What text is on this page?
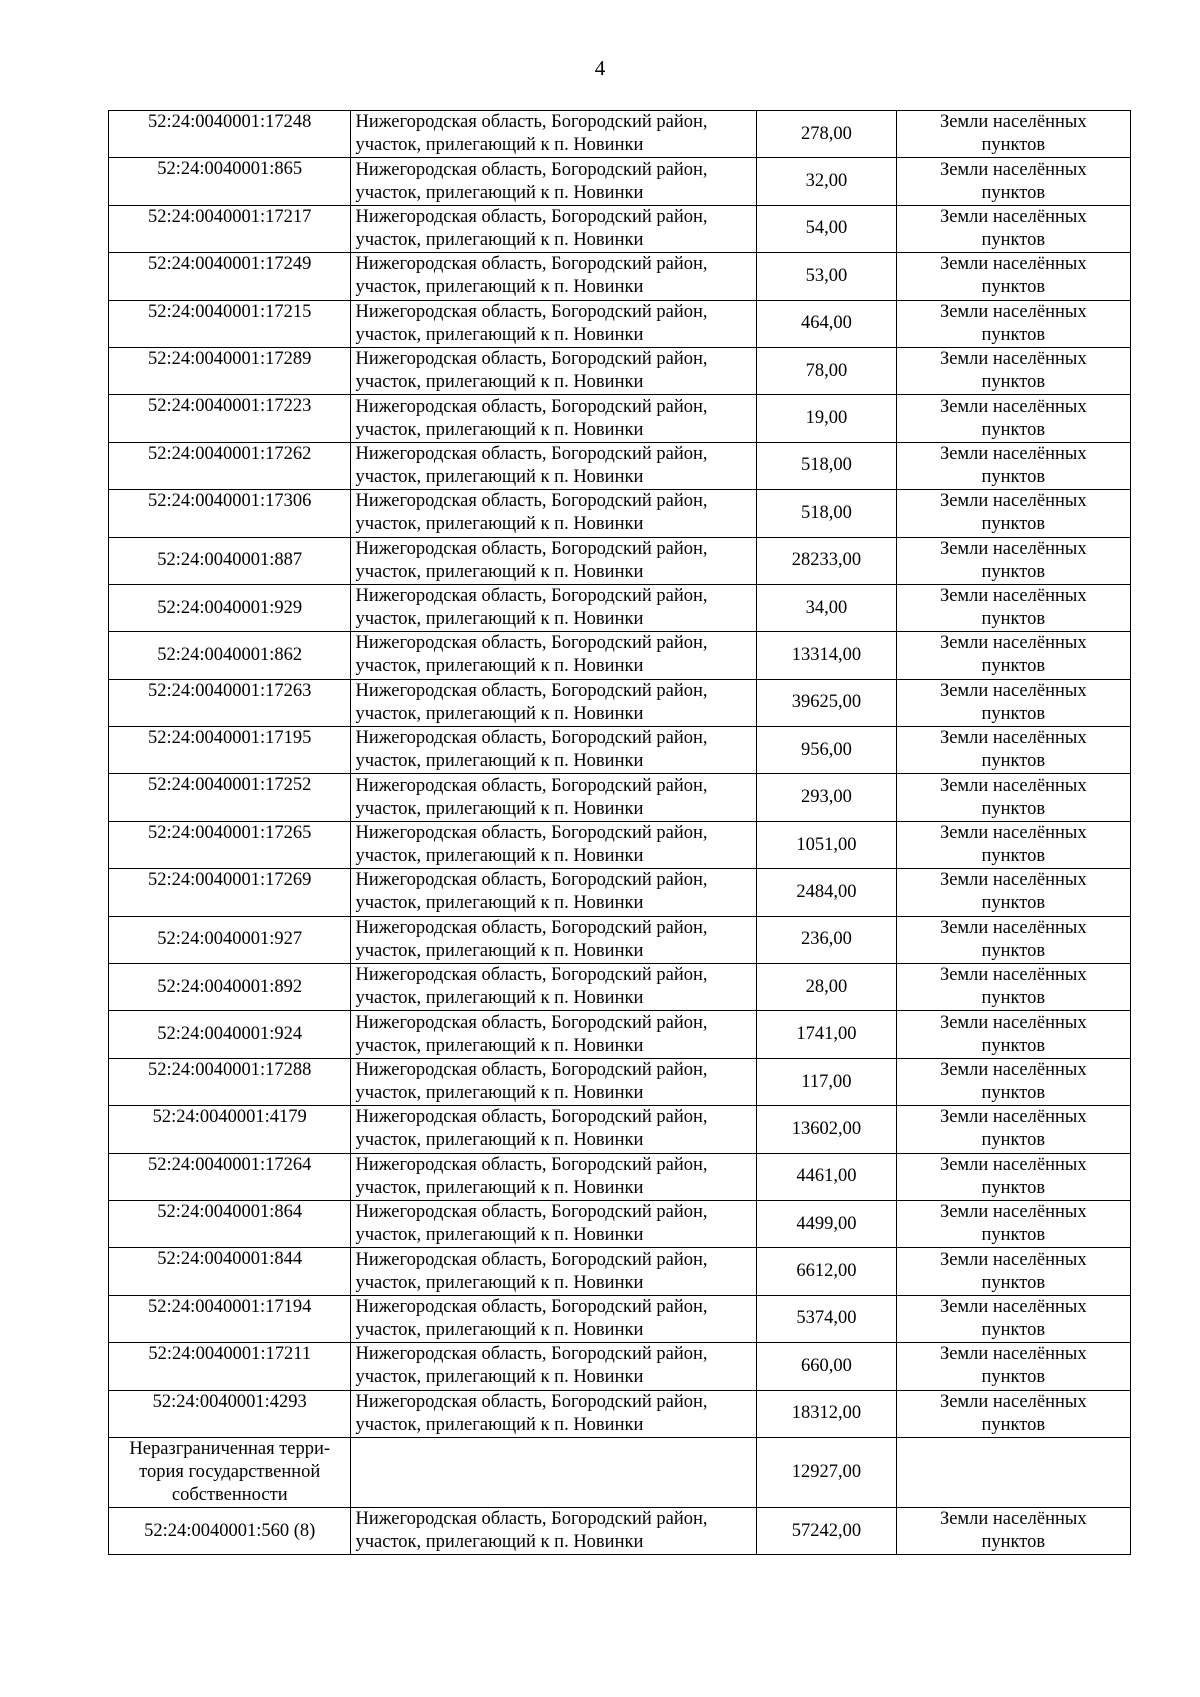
4
52:24:0040001:17248	Нижегородская область, Богородский район,
участок, прилегающий к п. Новинки	278,00	Земли населённых
пунктов

52:24:0040001:865	Нижегородская область, Богородский район,
участок, прилегающий к п. Новинки	32,00	Земли населённых
пунктов

52:24:0040001:17217	Нижегородская область, Богородский район,
участок, прилегающий к п. Новинки	54,00	Земли населённых
пунктов

52:24:0040001:17249	Нижегородская область, Богородский район,
участок, прилегающий к п. Новинки	53,00	Земли населённых
пунктов

52:24:0040001:17215	Нижегородская область, Богородский район,
участок, прилегающий к п. Новинки	464,00	Земли населённых
пунктов

52:24:0040001:17289	Нижегородская область, Богородский район,
участок, прилегающий к п. Новинки	78,00	Земли населённых
пунктов

52:24:0040001:17223	Нижегородская область, Богородский район,
участок, прилегающий к п. Новинки	19,00	Земли населённых
пунктов

52:24:0040001:17262	Нижегородская область, Богородский район,
участок, прилегающий к п. Новинки	518,00	Земли населённых
пунктов

52:24:0040001:17306	Нижегородская область, Богородский район,
участок, прилегающий к п. Новинки	518,00	Земли населённых
пунктов

52:24:0040001:887	Нижегородская область, Богородский район,
участок, прилегающий к п. Новинки	28233,00	Земли населённых
пунктов

52:24:0040001:929	Нижегородская область, Богородский район,
участок, прилегающий к п. Новинки	34,00	Земли населённых
пунктов

52:24:0040001:862	Нижегородская область, Богородский район,
участок, прилегающий к п. Новинки	13314,00	Земли населённых
пунктов

52:24:0040001:17263	Нижегородская область, Богородский район,
участок, прилегающий к п. Новинки	39625,00	Земли населённых
пунктов

52:24:0040001:17195	Нижегородская область, Богородский район,
участок, прилегающий к п. Новинки	956,00	Земли населённых
пунктов

52:24:0040001:17252	Нижегородская область, Богородский район,
участок, прилегающий к п. Новинки	293,00	Земли населённых
пунктов

52:24:0040001:17265	Нижегородская область, Богородский район,
участок, прилегающий к п. Новинки	1051,00	Земли населённых
пунктов

52:24:0040001:17269	Нижегородская область, Богородский район,
участок, прилегающий к п. Новинки	2484,00	Земли населённых
пунктов

52:24:0040001:927	Нижегородская область, Богородский район,
участок, прилегающий к п. Новинки	236,00	Земли населённых
пунктов

52:24:0040001:892	Нижегородская область, Богородский район,
участок, прилегающий к п. Новинки	28,00	Земли населённых
пунктов

52:24:0040001:924	Нижегородская область, Богородский район,
участок, прилегающий к п. Новинки	1741,00	Земли населённых
пунктов

52:24:0040001:17288	Нижегородская область, Богородский район,
участок, прилегающий к п. Новинки	117,00	Земли населённых
пунктов

52:24:0040001:4179	Нижегородская область, Богородский район,
участок, прилегающий к п. Новинки	13602,00	Земли населённых
пунктов

52:24:0040001:17264	Нижегородская область, Богородский район,
участок, прилегающий к п. Новинки	4461,00	Земли населённых
пунктов

52:24:0040001:864	Нижегородская область, Богородский район,
участок, прилегающий к п. Новинки	4499,00	Земли населённых
пунктов

52:24:0040001:844	Нижегородская область, Богородский район,
участок, прилегающий к п. Новинки	6612,00	Земли населённых
пунктов

52:24:0040001:17194	Нижегородская область, Богородский район,
участок, прилегающий к п. Новинки	5374,00	Земли населённых
пунктов

52:24:0040001:17211	Нижегородская область, Богородский район,
участок, прилегающий к п. Новинки	660,00	Земли населённых
пунктов

52:24:0040001:4293	Нижегородская область, Богородский район,
участок, прилегающий к п. Новинки	18312,00	Земли населённых
пунктов

Неразграниченная терри-
тория государственной
собственности		12927,00	

52:24:0040001:560 (8)	Нижегородская область, Богородский район,
участок, прилегающий к п. Новинки	57242,00	Земли населённых
пунктов
